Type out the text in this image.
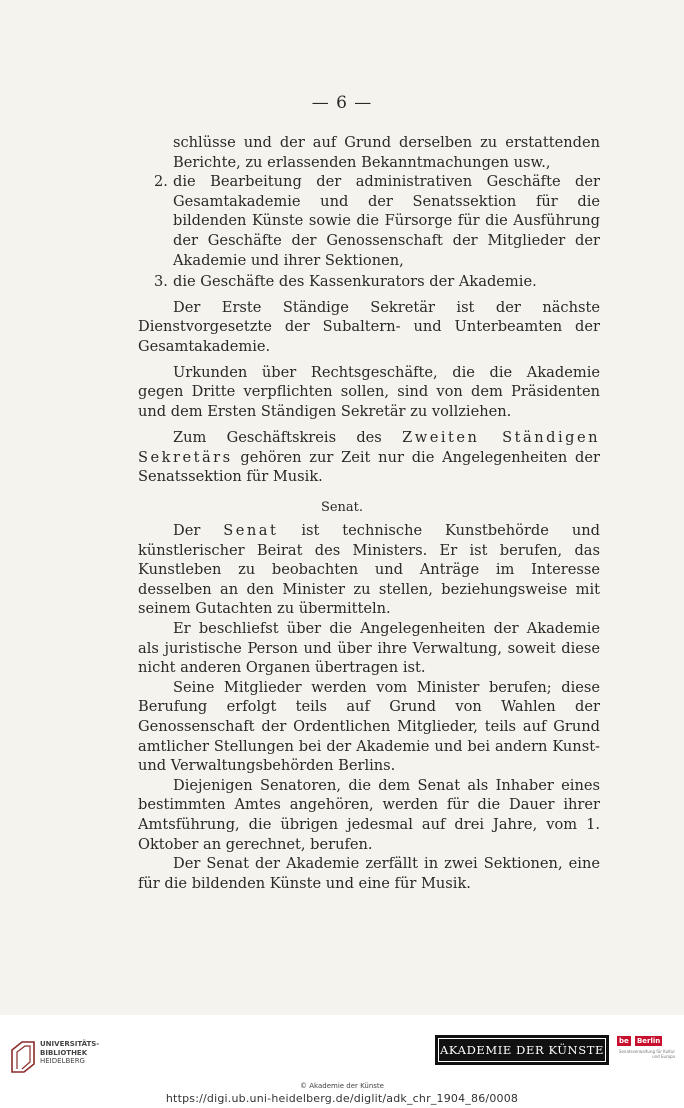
— 6 —

schlüsse und der auf Grund derselben zu erstattenden Berichte, zu erlassenden Bekanntmachungen usw.,

2. die Bearbeitung der administrativen Geschäfte der Gesamtakademie und der Senatssektion für die bildenden Künste sowie die Fürsorge für die Ausführung der Geschäfte der Genossenschaft der Mitglieder der Akademie und ihrer Sektionen,

3. die Geschäfte des Kassenkurators der Akademie.

Der Erste Ständige Sekretär ist der nächste Dienstvorgesetzte der Subaltern- und Unterbeamten der Gesamtakademie.

Urkunden über Rechtsgeschäfte, die die Akademie gegen Dritte verpflichten sollen, sind von dem Präsidenten und dem Ersten Ständigen Sekretär zu vollziehen.

Zum Geschäftskreis des Zweiten Ständigen Sekretärs gehören zur Zeit nur die Angelegenheiten der Senatssektion für Musik.

Senat.

Der Senat ist technische Kunstbehörde und künstlerischer Beirat des Ministers. Er ist berufen, das Kunstleben zu beobachten und Anträge im Interesse desselben an den Minister zu stellen, beziehungsweise mit seinem Gutachten zu übermitteln.

Er beschliefst über die Angelegenheiten der Akademie als juristische Person und über ihre Verwaltung, soweit diese nicht anderen Organen übertragen ist.

Seine Mitglieder werden vom Minister berufen; diese Berufung erfolgt teils auf Grund von Wahlen der Genossenschaft der Ordentlichen Mitglieder, teils auf Grund amtlicher Stellungen bei der Akademie und bei andern Kunst- und Verwaltungsbehörden Berlins.

Diejenigen Senatoren, die dem Senat als Inhaber eines bestimmten Amtes angehören, werden für die Dauer ihrer Amtsführung, die übrigen jedesmal auf drei Jahre, vom 1. Oktober an gerechnet, berufen.

Der Senat der Akademie zerfällt in zwei Sektionen, eine für die bildenden Künste und eine für Musik.

UNIVERSITÄTS-
BIBLIOTHEK
HEIDELBERG
AKADEMIE DER KÜNSTE
be Berlin
Senatsverwaltung für Kultur und Europa
© Akademie der Künste
https://digi.ub.uni-heidelberg.de/diglit/adk_chr_1904_86/0008
